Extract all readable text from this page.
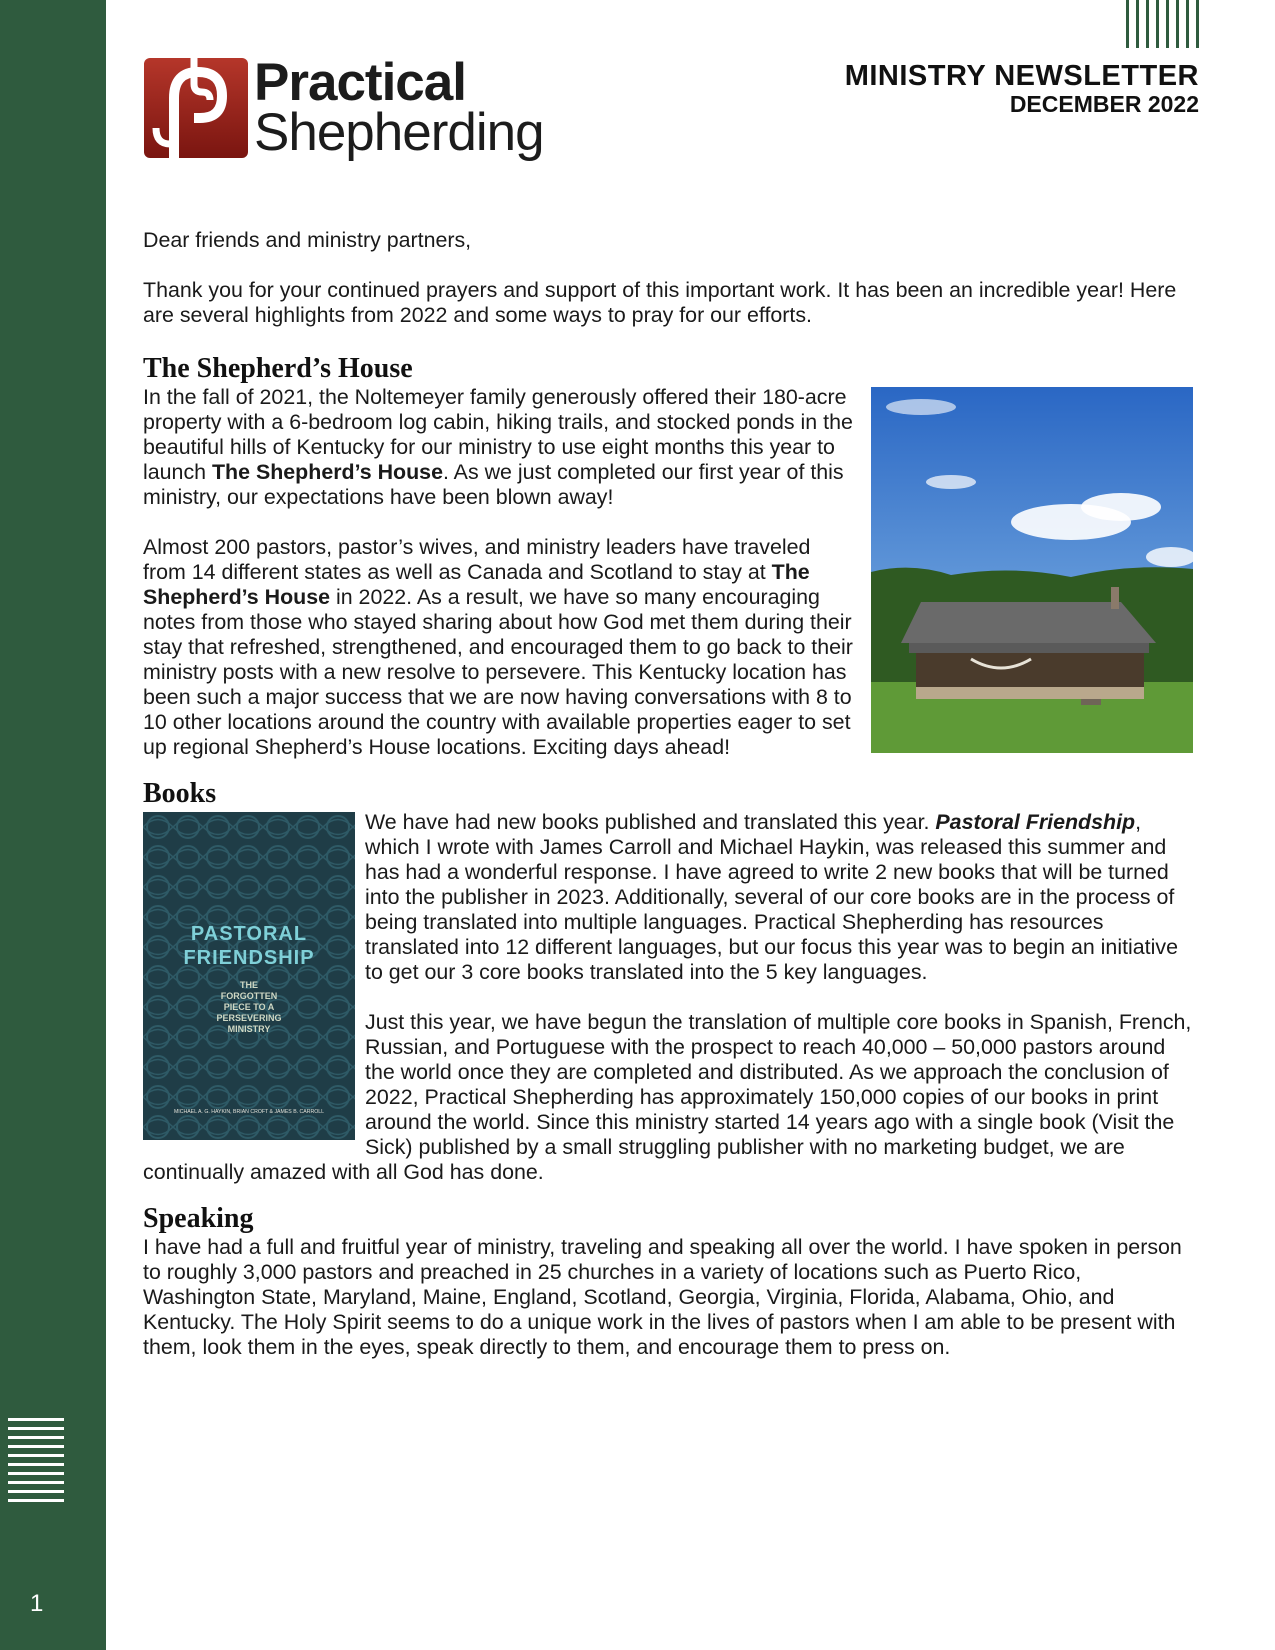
1
Practical
Shepherding
MINISTRY NEWSLETTER
DECEMBER 2022

Dear friends and ministry partners,

Thank you for your continued prayers and support of this important work. It has been an incredible year! Here are several highlights from 2022 and some ways to pray for our efforts.

The Shepherd’s House

In the fall of 2021, the Noltemeyer family generously offered their 180-acre property with a 6-bedroom log cabin, hiking trails, and stocked ponds in the beautiful hills of Kentucky for our ministry to use eight months this year to launch The Shepherd’s House. As we just completed our first year of this ministry, our expectations have been blown away!

Almost 200 pastors, pastor’s wives, and ministry leaders have traveled from 14 different states as well as Canada and Scotland to stay at The Shepherd’s House in 2022. As a result, we have so many encouraging notes from those who stayed sharing about how God met them during their stay that refreshed, strengthened, and encouraged them to go back to their ministry posts with a new resolve to persevere. This Kentucky location has been such a major success that we are now having conversations with 8 to 10 other locations around the country with available properties eager to set up regional Shepherd’s House locations. Exciting days ahead!

Books
PASTORAL
FRIENDSHIP
THE
FORGOTTEN
PIECE TO A
PERSEVERING
MINISTRY
MICHAEL A. G. HAYKIN, BRIAN CROFT & JAMES B. CARROLL

We have had new books published and translated this year. Pastoral Friendship, which I wrote with James Carroll and Michael Haykin, was released this summer and has had a wonderful response. I have agreed to write 2 new books that will be turned into the publisher in 2023. Additionally, several of our core books are in the process of being translated into multiple languages. Practical Shepherding has resources translated into 12 different languages, but our focus this year was to begin an initiative to get our 3 core books translated into the 5 key languages.

Just this year, we have begun the translation of multiple core books in Spanish, French, Russian, and Portuguese with the prospect to reach 40,000 – 50,000 pastors around the world once they are completed and distributed. As we approach the conclusion of 2022, Practical Shepherding has approximately 150,000 copies of our books in print around the world. Since this ministry started 14 years ago with a single book (Visit the Sick) published by a small struggling publisher with no marketing budget, we are continually amazed with all God has done.

Speaking

I have had a full and fruitful year of ministry, traveling and speaking all over the world. I have spoken in person to roughly 3,000 pastors and preached in 25 churches in a variety of locations such as Puerto Rico, Washington State, Maryland, Maine, England, Scotland, Georgia, Virginia, Florida, Alabama, Ohio, and Kentucky. The Holy Spirit seems to do a unique work in the lives of pastors when I am able to be present with them, look them in the eyes, speak directly to them, and encourage them to press on.
